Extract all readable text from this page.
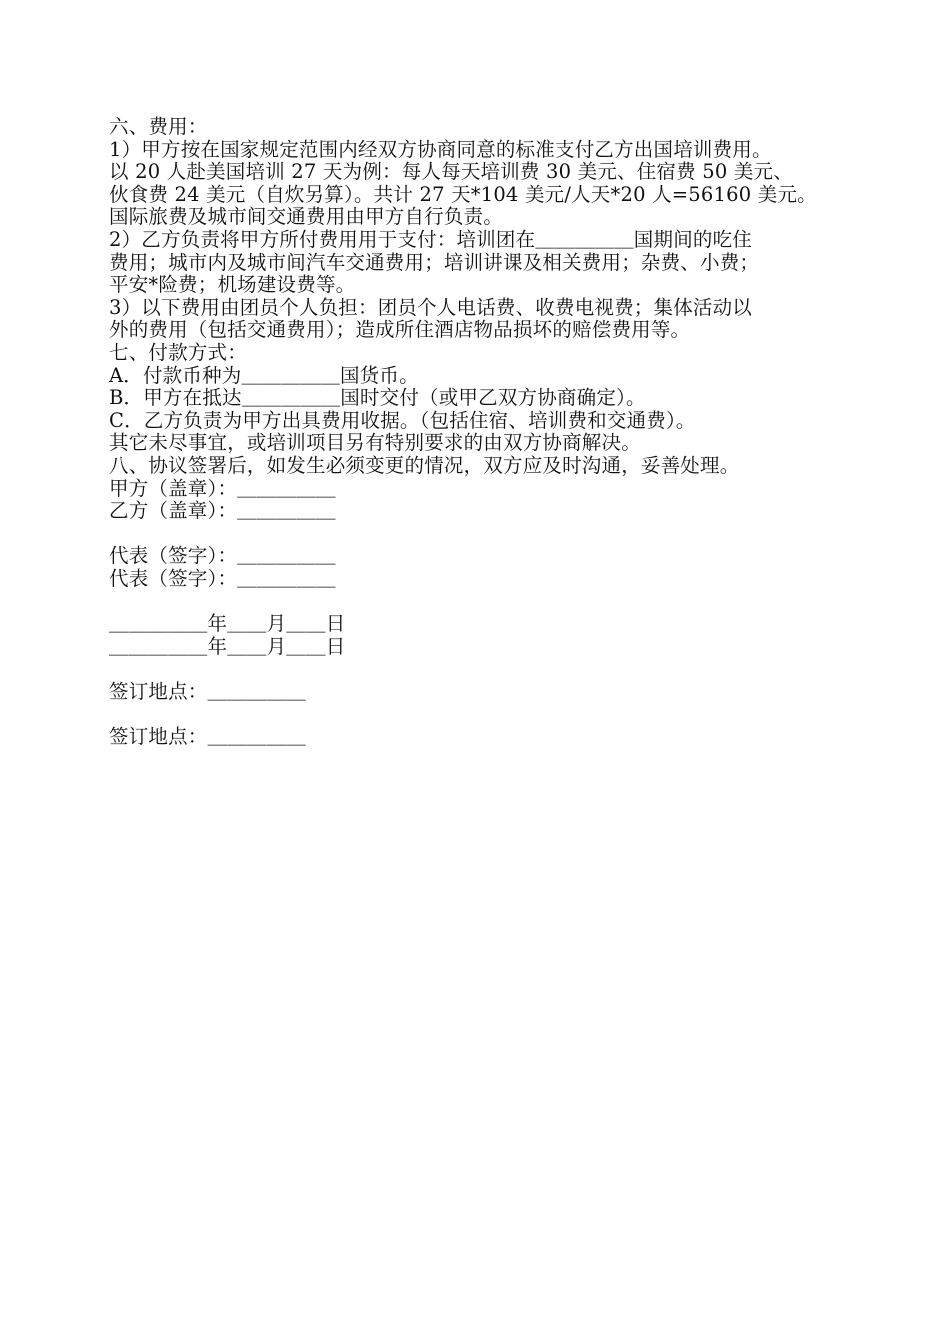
六、费用：
1）甲方按在国家规定范围内经双方协商同意的标准支付乙方出国培训费用。
以 20 人赴美国培训 27 天为例：每人每天培训费 30 美元、住宿费 50 美元、
伙食费 24 美元（自炊另算）。共计 27 天*104 美元/人天*20 人=56160 美元。
国际旅费及城市间交通费用由甲方自行负责。
2）乙方负责将甲方所付费用用于支付：培训团在＿＿＿＿＿国期间的吃住
费用；城市内及城市间汽车交通费用；培训讲课及相关费用；杂费、小费；
平安*险费；机场建设费等。
3）以下费用由团员个人负担：团员个人电话费、收费电视费；集体活动以
外的费用（包括交通费用）；造成所住酒店物品损坏的赔偿费用等。
七、付款方式：
A．付款币种为＿＿＿＿＿国货币。
B．甲方在抵达＿＿＿＿＿国时交付（或甲乙双方协商确定）。
C．乙方负责为甲方出具费用收据。（包括住宿、培训费和交通费）。
其它未尽事宜，或培训项目另有特别要求的由双方协商解决。
八、协议签署后，如发生必须变更的情况，双方应及时沟通，妥善处理。
甲方（盖章）：＿＿＿＿＿
乙方（盖章）：＿＿＿＿＿
代表（签字）：＿＿＿＿＿
代表（签字）：＿＿＿＿＿
＿＿＿＿＿年＿＿月＿＿日
＿＿＿＿＿年＿＿月＿＿日
签订地点：＿＿＿＿＿
签订地点：＿＿＿＿＿
